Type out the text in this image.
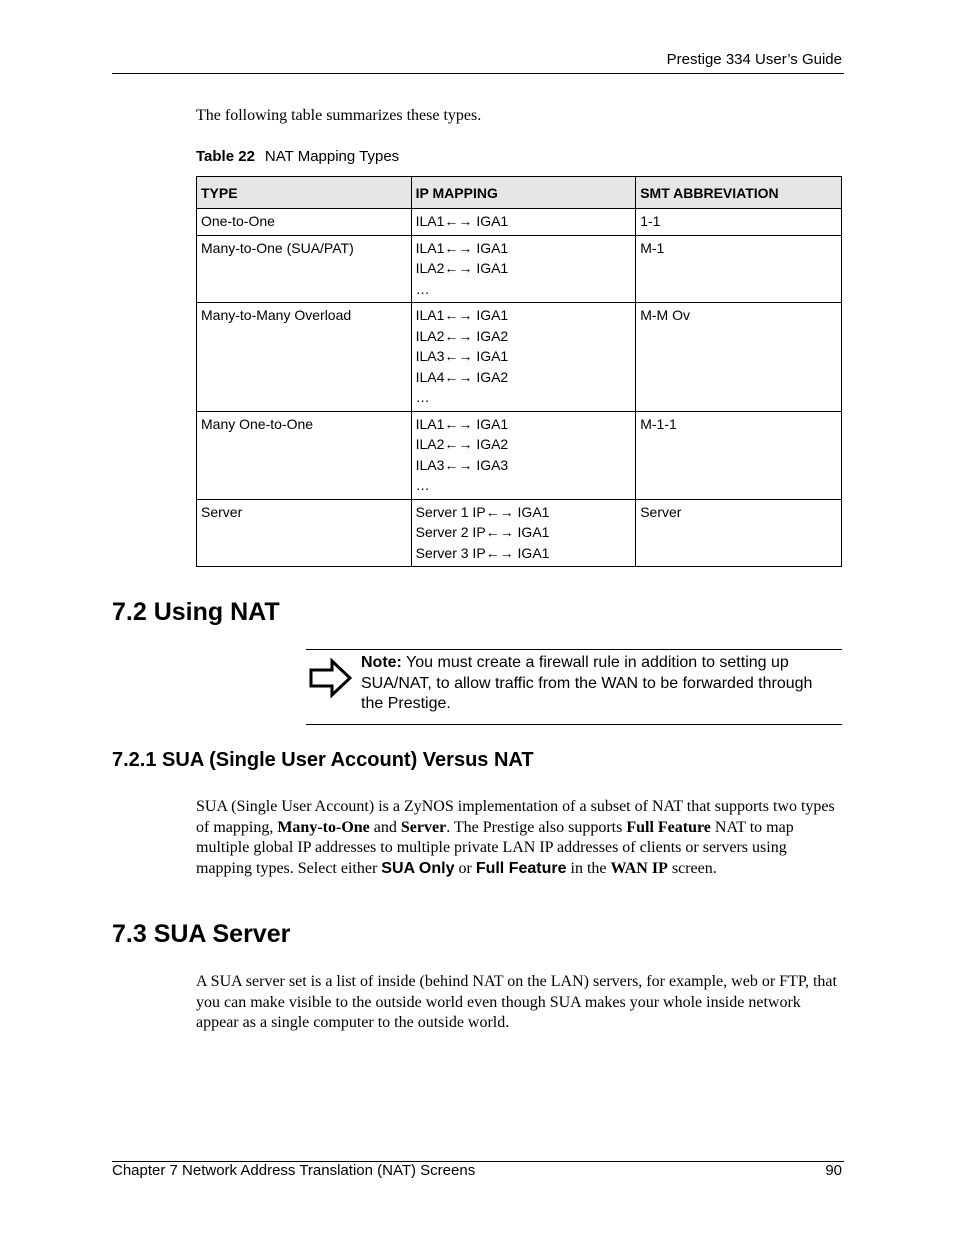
Prestige 334 User’s Guide
The following table summarizes these types.
Table 22 NAT Mapping Types
TYPE	IP MAPPING	SMT ABBREVIATION

One-to-One	ILA1←→ IGA1	1-1

Many-to-One (SUA/PAT)	ILA1←→ IGA1
ILA2←→ IGA1
…	M-1

Many-to-Many Overload	ILA1←→ IGA1
ILA2←→ IGA2
ILA3←→ IGA1
ILA4←→ IGA2
…	M-M Ov

Many One-to-One	ILA1←→ IGA1
ILA2←→ IGA2
ILA3←→ IGA3
…	M-1-1

Server	Server 1 IP←→ IGA1
Server 2 IP←→ IGA1
Server 3 IP←→ IGA1	Server
7.2 Using NAT
Note: You must create a firewall rule in addition to setting up SUA/NAT, to allow traffic from the WAN to be forwarded through the Prestige.
7.2.1 SUA (Single User Account) Versus NAT
SUA (Single User Account) is a ZyNOS implementation of a subset of NAT that supports two types of mapping, Many-to-One and Server. The Prestige also supports Full Feature NAT to map multiple global IP addresses to multiple private LAN IP addresses of clients or servers using mapping types. Select either SUA Only or Full Feature in the WAN IP screen.
7.3 SUA Server
A SUA server set is a list of inside (behind NAT on the LAN) servers, for example, web or FTP, that you can make visible to the outside world even though SUA makes your whole inside network appear as a single computer to the outside world.
Chapter 7 Network Address Translation (NAT) Screens	90
